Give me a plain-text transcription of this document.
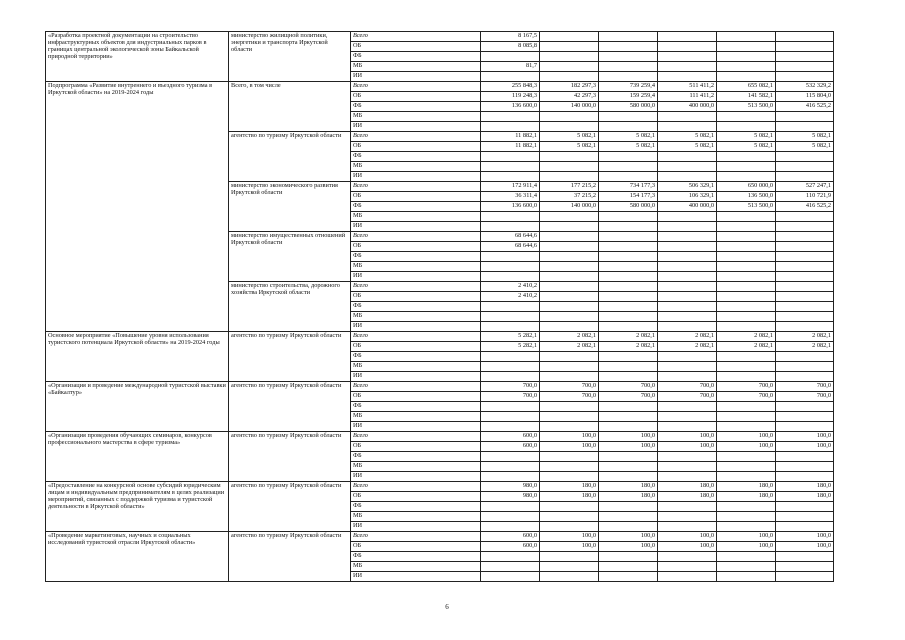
«Разработка проектной документации на строительство инфраструктурных объектов для индустриальных парков в границах центральной экологической зоны Байкальской природной территории»	министерство жилищной политики, энергетики и транспорта Иркутской области	Всего	8 167,5					
		ОБ	8 085,8					
		ФБ						
		МБ	81,7					
		ИИ						
Подпрограмма «Развитие внутреннего и въездного туризма в Иркутской области» на 2019-2024 годы	Всего, в том числе	Всего	255 848,3	182 297,3	739 259,4	511 411,2	655 082,1	532 329,2
		ОБ	119 248,3	42 297,3	159 259,4	111 411,2	141 582,1	115 804,0
		ФБ	136 600,0	140 000,0	580 000,0	400 000,0	513 500,0	416 525,2
		МБ						
		ИИ						
	агентство по туризму Иркутской области	Всего	11 882,1	5 082,1	5 082,1	5 082,1	5 082,1	5 082,1
		ОБ	11 882,1	5 082,1	5 082,1	5 082,1	5 082,1	5 082,1
		ФБ						
		МБ						
		ИИ						
	министерство экономического развития Иркутской области	Всего	172 911,4	177 215,2	734 177,3	506 329,1	650 000,0	527 247,1
		ОБ	36 311,4	37 215,2	154 177,3	106 329,1	136 500,0	110 721,9
		ФБ	136 600,0	140 000,0	580 000,0	400 000,0	513 500,0	416 525,2
		МБ						
		ИИ						
	министерство имущественных отношений Иркутской области	Всего	68 644,6					
		ОБ	68 644,6					
		ФБ						
		МБ						
		ИИ						
	министерство строительства, дорожного хозяйства Иркутской области	Всего	2 410,2					
		ОБ	2 410,2					
		ФБ						
		МБ						
		ИИ						
Основное мероприятие «Повышение уровня использования туристского потенциала Иркутской области» на 2019-2024 годы	агентство по туризму Иркутской области	Всего	5 282,1	2 082,1	2 082,1	2 082,1	2 082,1	2 082,1
		ОБ	5 282,1	2 082,1	2 082,1	2 082,1	2 082,1	2 082,1
		ФБ						
		МБ						
		ИИ						
«Организация и проведение международной туристской выставки «Байкалтур»	агентство по туризму Иркутской области	Всего	700,0	700,0	700,0	700,0	700,0	700,0
		ОБ	700,0	700,0	700,0	700,0	700,0	700,0
		ФБ						
		МБ						
		ИИ						
«Организация проведения обучающих семинаров, конкурсов профессионального мастерства в сфере туризма»	агентство по туризму Иркутской области	Всего	600,0	100,0	100,0	100,0	100,0	100,0
		ОБ	600,0	100,0	100,0	100,0	100,0	100,0
		ФБ						
		МБ						
		ИИ						
«Предоставление на конкурсной основе субсидий юридическим лицам и индивидуальным предпринимателям в целях реализации мероприятий, связанных с поддержкой туризма и туристской деятельности в Иркутской области»	агентство по туризму Иркутской области	Всего	980,0	180,0	180,0	180,0	180,0	180,0
		ОБ	980,0	180,0	180,0	180,0	180,0	180,0
		ФБ						
		МБ						
		ИИ						
«Проведение маркетинговых, научных и социальных исследований туристской отрасли Иркутской области»	агентство по туризму Иркутской области	Всего	600,0	100,0	100,0	100,0	100,0	100,0
		ОБ	600,0	100,0	100,0	100,0	100,0	100,0
		ФБ						
		МБ						
		ИИ						
6
